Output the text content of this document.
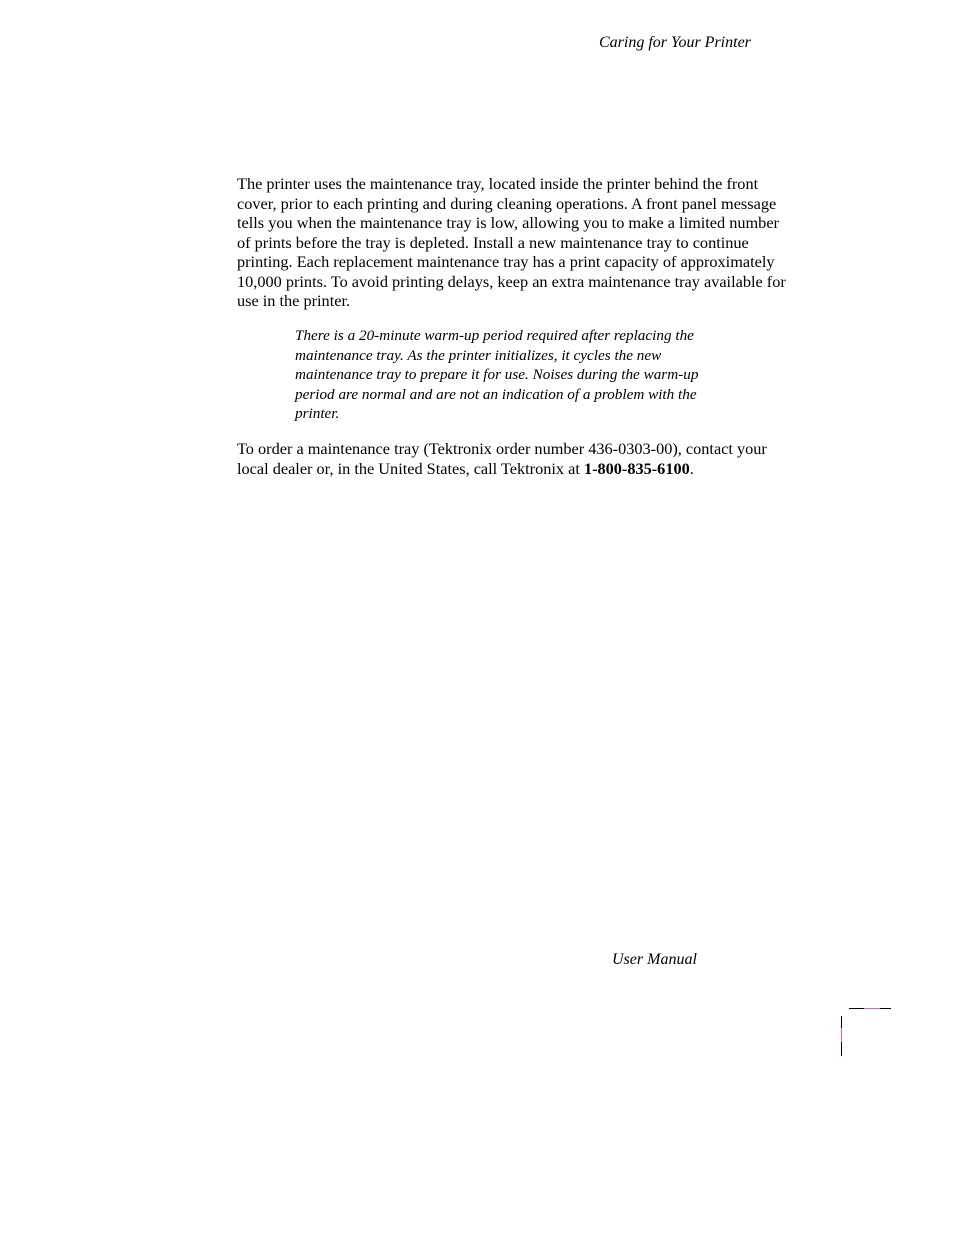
Caring for Your Printer

The printer uses the maintenance tray, located inside the printer behind the front cover, prior to each printing and during cleaning operations. A front panel message tells you when the maintenance tray is low, allowing you to make a limited number of prints before the tray is depleted. Install a new maintenance tray to continue printing. Each replacement maintenance tray has a print capacity of approximately 10,000 prints. To avoid printing delays, keep an extra maintenance tray available for use in the printer.

There is a 20-minute warm-up period required after replacing the maintenance tray. As the printer initializes, it cycles the new maintenance tray to prepare it for use. Noises during the warm-up period are normal and are not an indication of a problem with the printer.

To order a maintenance tray (Tektronix order number 436-0303-00), contact your local dealer or, in the United States, call Tektronix at 1-800-835-6100.

User Manual
